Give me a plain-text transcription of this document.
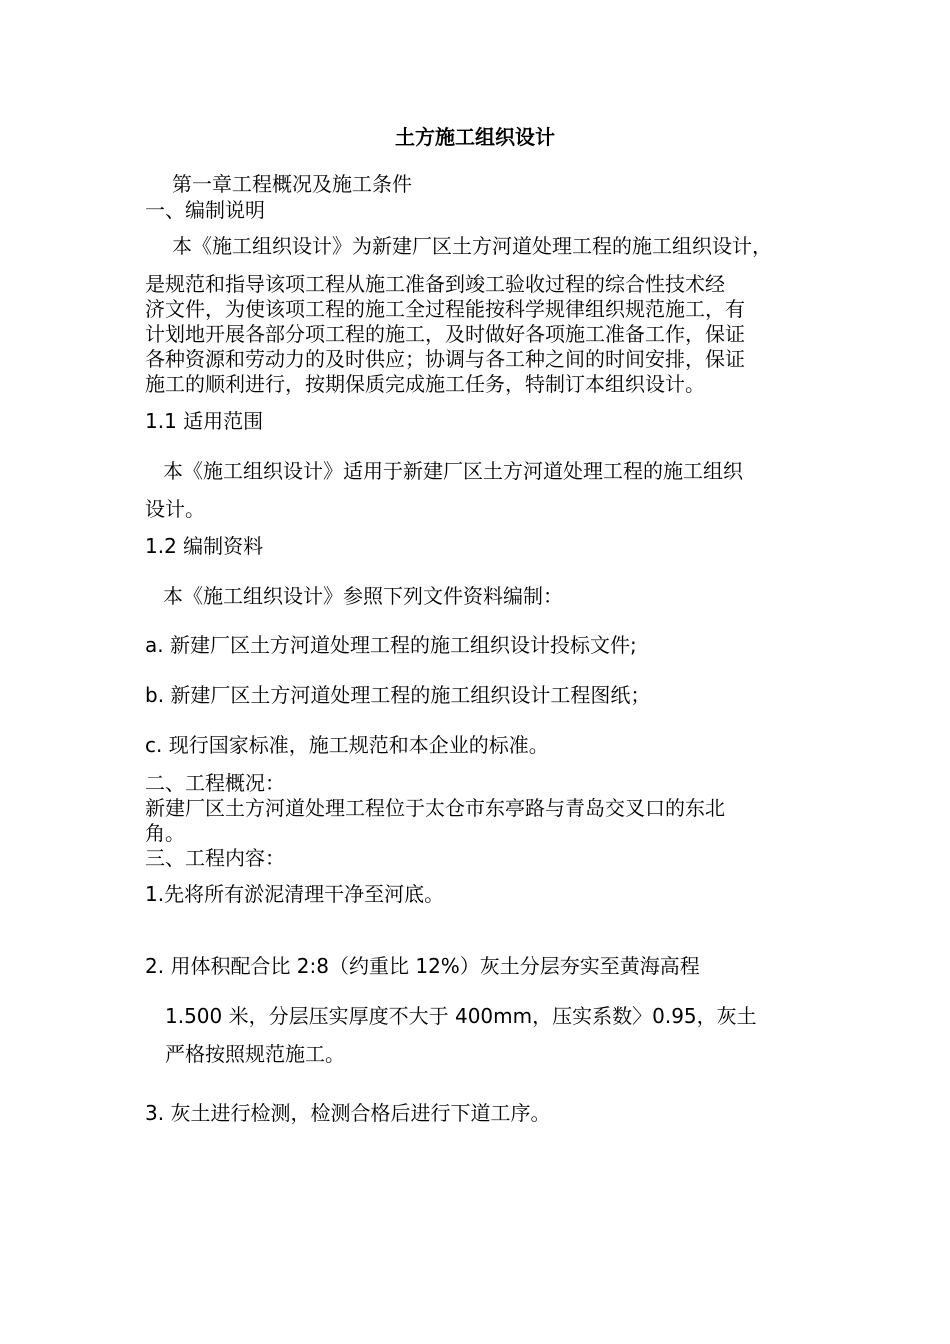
土方施工组织设计
第一章工程概况及施工条件
一、编制说明
本《施工组织设计》为新建厂区土方河道处理工程的施工组织设计，
是规范和指导该项工程从施工准备到竣工验收过程的综合性技术经
济文件，为使该项工程的施工全过程能按科学规律组织规范施工，有
计划地开展各部分项工程的施工，及时做好各项施工准备工作，保证
各种资源和劳动力的及时供应；协调与各工种之间的时间安排，保证
施工的顺利进行，按期保质完成施工任务，特制订本组织设计。
1.1 适用范围
本《施工组织设计》适用于新建厂区土方河道处理工程的施工组织
设计。
1.2 编制资料
本《施工组织设计》参照下列文件资料编制：
a. 新建厂区土方河道处理工程的施工组织设计投标文件;
b. 新建厂区土方河道处理工程的施工组织设计工程图纸；
c. 现行国家标准，施工规范和本企业的标准。
二、工程概况：
新建厂区土方河道处理工程位于太仓市东亭路与青岛交叉口的东北
角。
三、工程内容：
1.先将所有淤泥清理干净至河底。
2. 用体积配合比 2:8（约重比 12%）灰土分层夯实至黄海高程
1.500 米，分层压实厚度不大于 400mm，压实系数〉0.95，灰土
严格按照规范施工。
3. 灰土进行检测，检测合格后进行下道工序。
